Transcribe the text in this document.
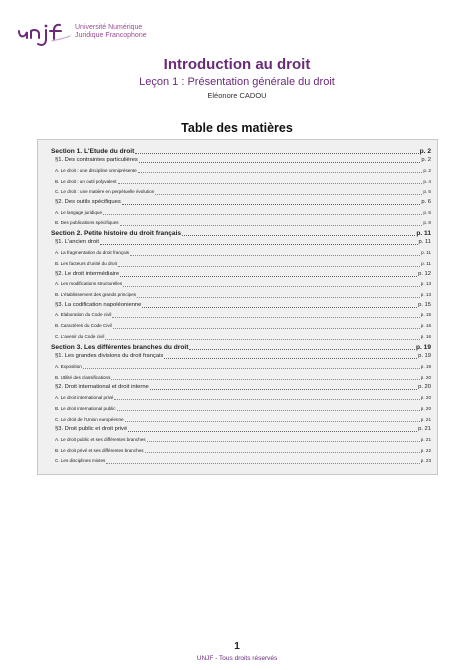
Université Numérique
Juridique Francophone
Introduction au droit
Leçon 1 : Présentation générale du droit
Eléonore CADOU
Table des matières
Section 1. L'Etude du droit	p. 2
§1. Des contraintes particulières	p. 2
A. Le droit : une discipline omniprésente	p. 2
B. Le droit : un outil polyvalent	p. 4
C. Le droit : une matière en perpétuelle évolution	p. 5
§2. Des outils spécifiques	p. 6
A. Le langage juridique	p. 6
B. Des publications spécifiques	p. 8
Section 2. Petite histoire du droit français	p. 11
§1. L'ancien droit	p. 11
A. La fragmentation du droit français	p. 11
B. Les facteurs d'unité du droit	p. 11
§2. Le droit intermédiaire	p. 12
A. Les modifications structurelles	p. 13
B. L'établissement des grands principes	p. 13
§3. La codification napoléonienne	p. 15
A. Elaboration du Code civil	p. 15
B. Caractères du Code Civil	p. 16
C. L'avenir du Code civil	p. 16
Section 3. Les différentes branches du droit	p. 19
§1. Les grandes divisions du droit français	p. 19
A. Exposition	p. 19
B. Utilité des classifications	p. 20
§2. Droit international et droit interne	p. 20
A. Le droit international privé	p. 20
B. Le droit international public	p. 20
C. Le droit de l'Union européenne	p. 21
§3. Droit public et droit privé	p. 21
A. Le droit public et ses différentes branches	p. 21
B. Le droit privé et ses différentes branches	p. 22
C. Les disciplines mixtes	p. 23
1
UNJF - Tous droits réservés
